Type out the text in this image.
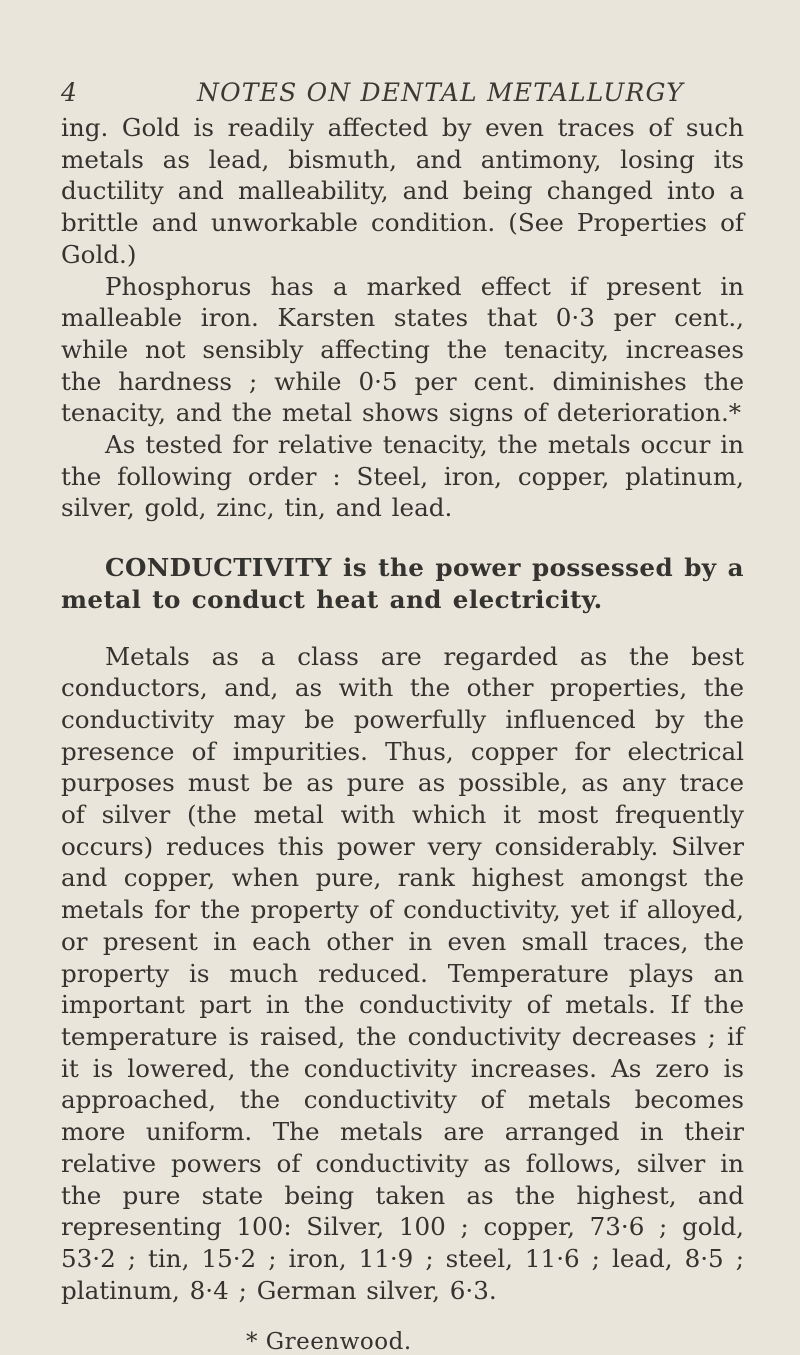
4	NOTES ON DENTAL METALLURGY

ing. Gold is readily affected by even traces of such metals as lead, bismuth, and antimony, losing its ductility and malleability, and being changed into a brittle and unworkable condition. (See Properties of Gold.)

Phosphorus has a marked effect if present in malleable iron. Karsten states that 0·3 per cent., while not sensibly affecting the tenacity, increases the hardness ; while 0·5 per cent. diminishes the tenacity, and the metal shows signs of deterioration.*

As tested for relative tenacity, the metals occur in the following order : Steel, iron, copper, platinum, silver, gold, zinc, tin, and lead.

CONDUCTIVITY is the power possessed by a metal to conduct heat and electricity.

Metals as a class are regarded as the best conductors, and, as with the other properties, the conductivity may be powerfully influenced by the presence of impurities. Thus, copper for electrical purposes must be as pure as possible, as any trace of silver (the metal with which it most frequently occurs) reduces this power very considerably. Silver and copper, when pure, rank highest amongst the metals for the property of conductivity, yet if alloyed, or present in each other in even small traces, the property is much reduced. Temperature plays an important part in the conductivity of metals. If the temperature is raised, the conductivity decreases ; if it is lowered, the conductivity increases. As zero is approached, the conductivity of metals becomes more uniform. The metals are arranged in their relative powers of conductivity as follows, silver in the pure state being taken as the highest, and representing 100: Silver, 100 ; copper, 73·6 ; gold, 53·2 ; tin, 15·2 ; iron, 11·9 ; steel, 11·6 ; lead, 8·5 ; platinum, 8·4 ; German silver, 6·3.

* Greenwood.
